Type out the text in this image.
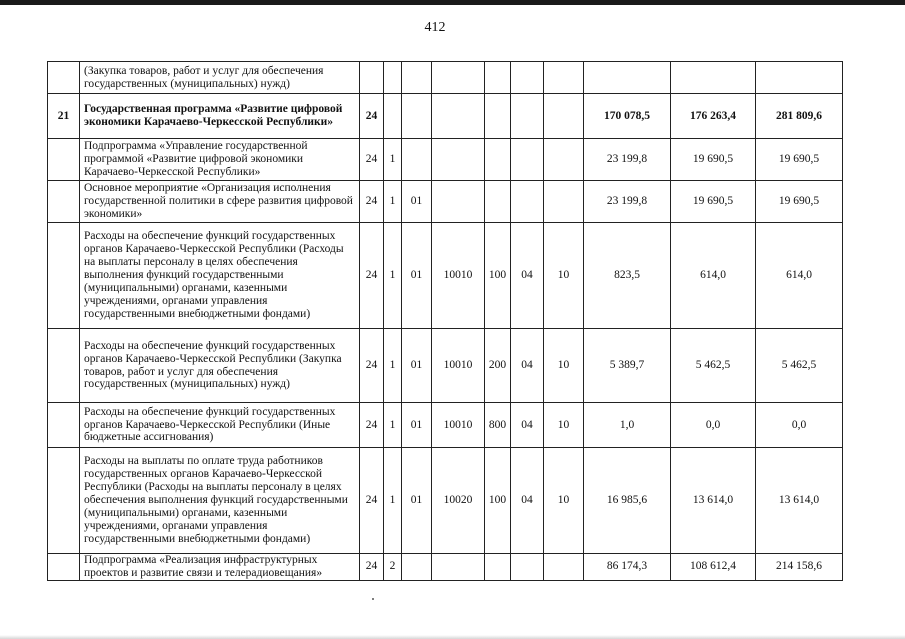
412
	(Закупка товаров, работ и услуг для обеспечения государственных (муниципальных) нужд)										
21	Государственная программа «Развитие цифровой экономики Карачаево-Черкесской Республики»	24							170 078,5	176 263,4	281 809,6
	Подпрограмма «Управление государственной программой «Развитие цифровой экономики Карачаево-Черкесской Республики»	24	1						23 199,8	19 690,5	19 690,5
	Основное мероприятие «Организация исполнения государственной политики в сфере развития цифровой экономики»	24	1	01					23 199,8	19 690,5	19 690,5
	Расходы на обеспечение функций государственных органов Карачаево-Черкесской Республики (Расходы на выплаты персоналу в целях обеспечения выполнения функций государственными (муниципальными) органами, казенными учреждениями, органами управления государственными внебюджетными фондами)	24	1	01	10010	100	04	10	823,5	614,0	614,0
	Расходы на обеспечение функций государственных органов Карачаево-Черкесской Республики (Закупка товаров, работ и услуг для обеспечения государственных (муниципальных) нужд)	24	1	01	10010	200	04	10	5 389,7	5 462,5	5 462,5
	Расходы на обеспечение функций государственных органов Карачаево-Черкесской Республики (Иные бюджетные ассигнования)	24	1	01	10010	800	04	10	1,0	0,0	0,0
	Расходы на выплаты по оплате труда работников государственных органов Карачаево-Черкесской Республики (Расходы на выплаты персоналу в целях обеспечения выполнения функций государственными (муниципальными) органами, казенными учреждениями, органами управления государственными внебюджетными фондами)	24	1	01	10020	100	04	10	16 985,6	13 614,0	13 614,0
	Подпрограмма «Реализация инфраструктурных проектов и развитие связи и телерадиовещания»	24	2						86 174,3	108 612,4	214 158,6
